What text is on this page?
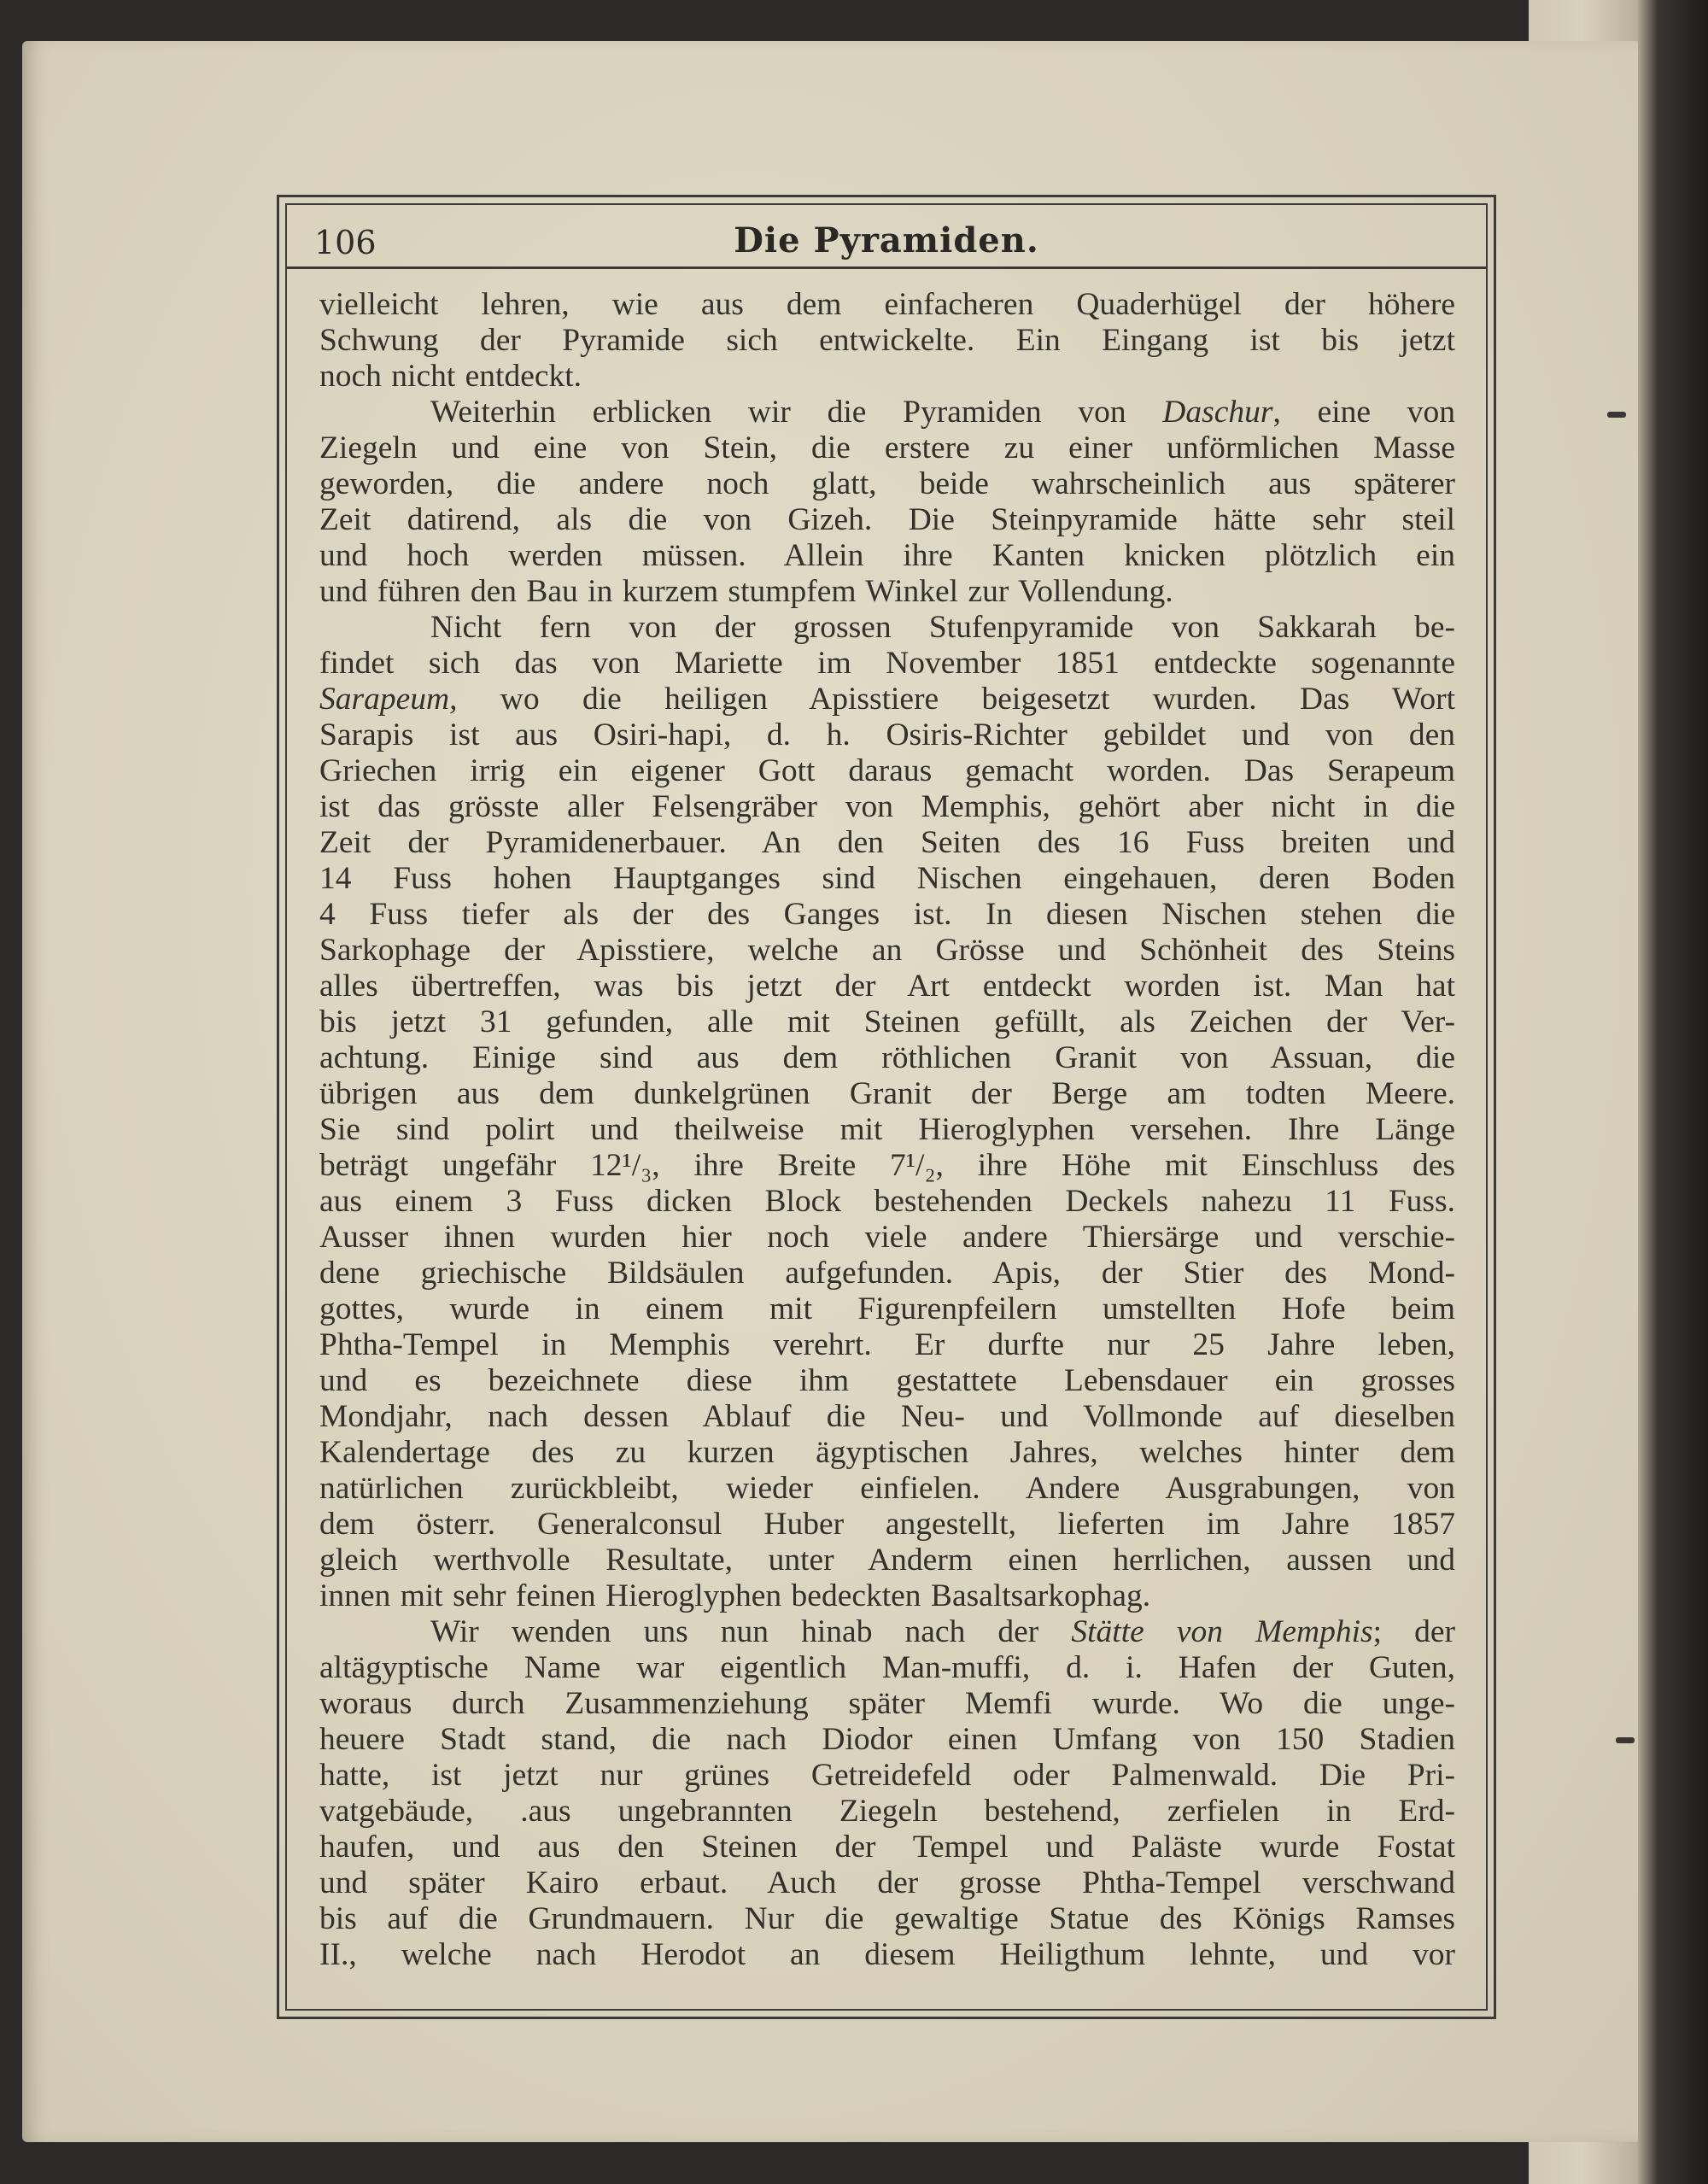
106	Die Pyramiden.
vielleicht lehren, wie aus dem einfacheren Quaderhügel der höhere
Schwung der Pyramide sich entwickelte. Ein Eingang ist bis jetzt
noch nicht entdeckt.
Weiterhin erblicken wir die Pyramiden von Daschur, eine von
Ziegeln und eine von Stein, die erstere zu einer unförmlichen Masse
geworden, die andere noch glatt, beide wahrscheinlich aus späterer
Zeit datirend, als die von Gizeh. Die Steinpyramide hätte sehr steil
und hoch werden müssen. Allein ihre Kanten knicken plötzlich ein
und führen den Bau in kurzem stumpfem Winkel zur Vollendung.
Nicht fern von der grossen Stufenpyramide von Sakkarah be-
findet sich das von Mariette im November 1851 entdeckte sogenannte
Sarapeum, wo die heiligen Apisstiere beigesetzt wurden. Das Wort
Sarapis ist aus Osiri-hapi, d. h. Osiris-Richter gebildet und von den
Griechen irrig ein eigener Gott daraus gemacht worden. Das Serapeum
ist das grösste aller Felsengräber von Memphis, gehört aber nicht in die
Zeit der Pyramidenerbauer. An den Seiten des 16 Fuss breiten und
14 Fuss hohen Hauptganges sind Nischen eingehauen, deren Boden
4 Fuss tiefer als der des Ganges ist. In diesen Nischen stehen die
Sarkophage der Apisstiere, welche an Grösse und Schönheit des Steins
alles übertreffen, was bis jetzt der Art entdeckt worden ist. Man hat
bis jetzt 31 gefunden, alle mit Steinen gefüllt, als Zeichen der Ver-
achtung. Einige sind aus dem röthlichen Granit von Assuan, die
übrigen aus dem dunkelgrünen Granit der Berge am todten Meere.
Sie sind polirt und theilweise mit Hieroglyphen versehen. Ihre Länge
beträgt ungefähr 12¹/₃, ihre Breite 7¹/₂, ihre Höhe mit Einschluss des
aus einem 3 Fuss dicken Block bestehenden Deckels nahezu 11 Fuss.
Ausser ihnen wurden hier noch viele andere Thiersärge und verschie-
dene griechische Bildsäulen aufgefunden. Apis, der Stier des Mond-
gottes, wurde in einem mit Figurenpfeilern umstellten Hofe beim
Phtha-Tempel in Memphis verehrt. Er durfte nur 25 Jahre leben,
und es bezeichnete diese ihm gestattete Lebensdauer ein grosses
Mondjahr, nach dessen Ablauf die Neu- und Vollmonde auf dieselben
Kalendertage des zu kurzen ägyptischen Jahres, welches hinter dem
natürlichen zurückbleibt, wieder einfielen. Andere Ausgrabungen, von
dem österr. Generalconsul Huber angestellt, lieferten im Jahre 1857
gleich werthvolle Resultate, unter Anderm einen herrlichen, aussen und
innen mit sehr feinen Hieroglyphen bedeckten Basaltsarkophag.
Wir wenden uns nun hinab nach der Stätte von Memphis; der
altägyptische Name war eigentlich Man-muffi, d. i. Hafen der Guten,
woraus durch Zusammenziehung später Memfi wurde. Wo die unge-
heuere Stadt stand, die nach Diodor einen Umfang von 150 Stadien
hatte, ist jetzt nur grünes Getreidefeld oder Palmenwald. Die Pri-
vatgebäude, .aus ungebrannten Ziegeln bestehend, zerfielen in Erd-
haufen, und aus den Steinen der Tempel und Paläste wurde Fostat
und später Kairo erbaut. Auch der grosse Phtha-Tempel verschwand
bis auf die Grundmauern. Nur die gewaltige Statue des Königs Ramses
II., welche nach Herodot an diesem Heiligthum lehnte, und vor
